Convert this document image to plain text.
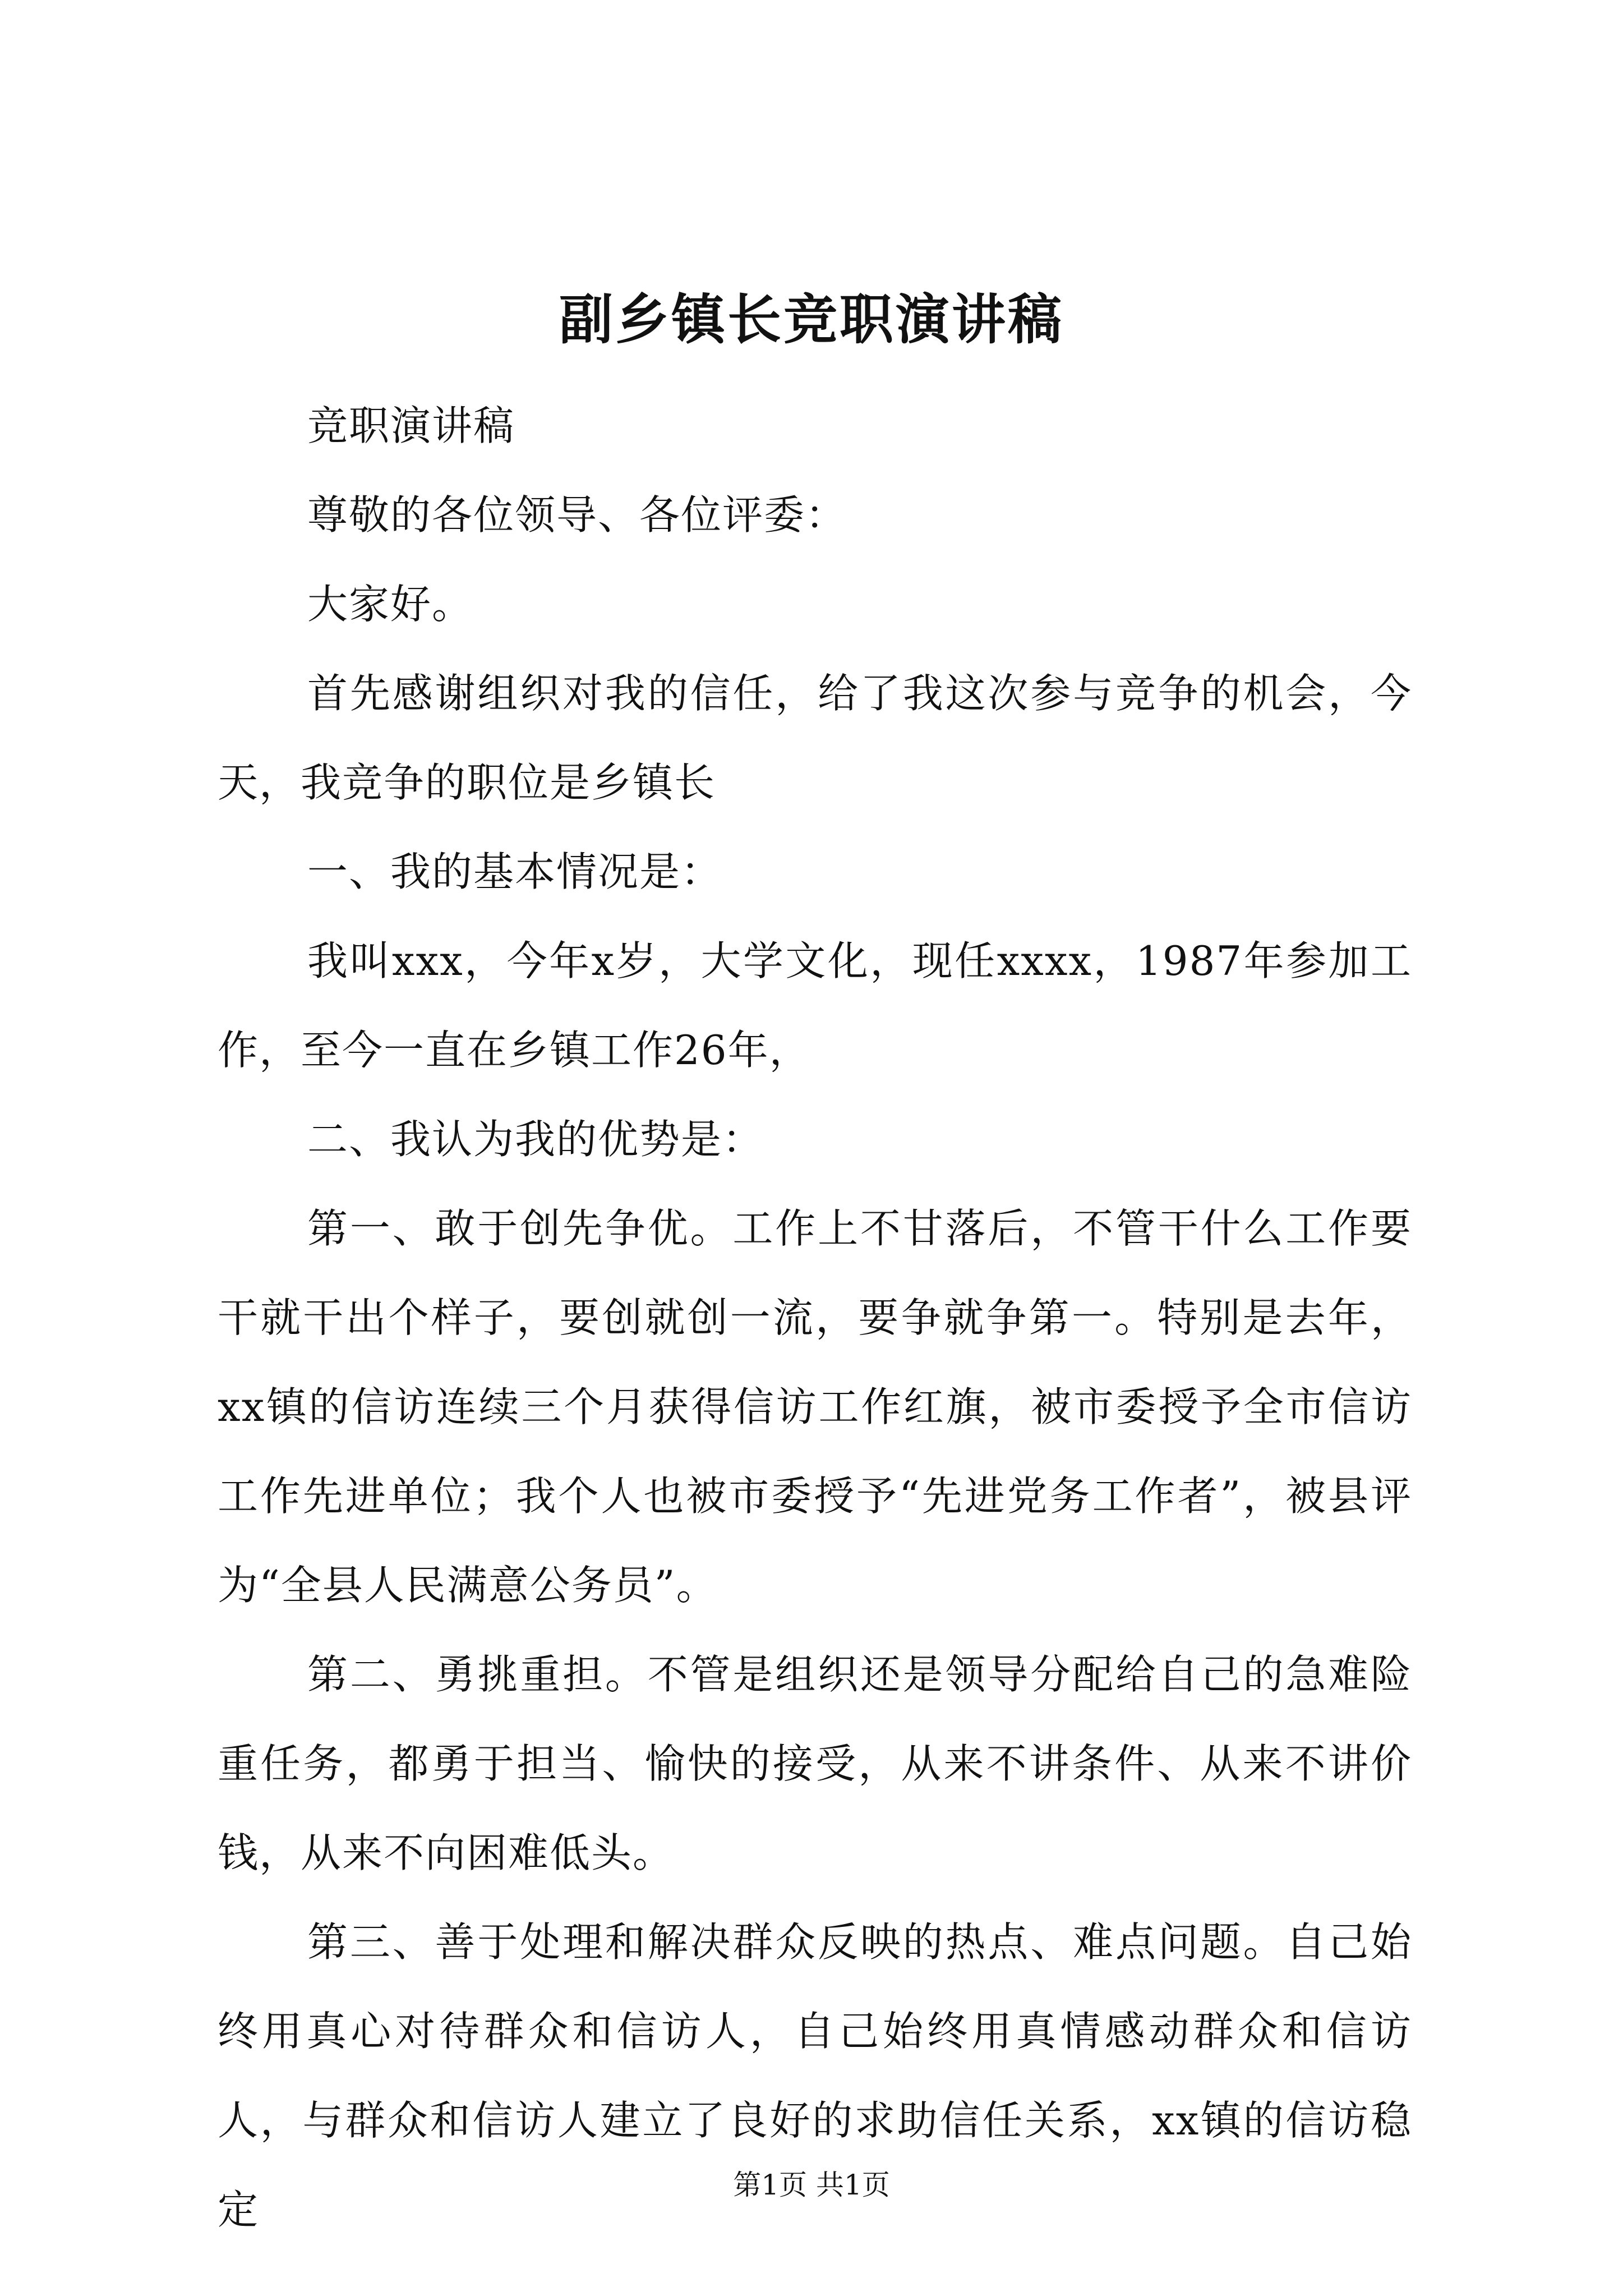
副乡镇长竞职演讲稿

竞职演讲稿

尊敬的各位领导、各位评委：

大家好。

首先感谢组织对我的信任，给了我这次参与竞争的机会，今天，我竞争的职位是乡镇长

一、我的基本情况是：

我叫xxx，今年x岁，大学文化，现任xxxx，1987年参加工作，至今一直在乡镇工作26年，

二、我认为我的优势是：

第一、敢于创先争优。工作上不甘落后，不管干什么工作要干就干出个样子，要创就创一流，要争就争第一。特别是去年，xx镇的信访连续三个月获得信访工作红旗，被市委授予全市信访工作先进单位；我个人也被市委授予“先进党务工作者”，被县评为“全县人民满意公务员”。

第二、勇挑重担。不管是组织还是领导分配给自己的急难险重任务，都勇于担当、愉快的接受，从来不讲条件、从来不讲价钱，从来不向困难低头。

第三、善于处理和解决群众反映的热点、难点问题。自己始终用真心对待群众和信访人，自己始终用真情感动群众和信访人，与群众和信访人建立了良好的求助信任关系，xx镇的信访稳定

第1页 共1页
